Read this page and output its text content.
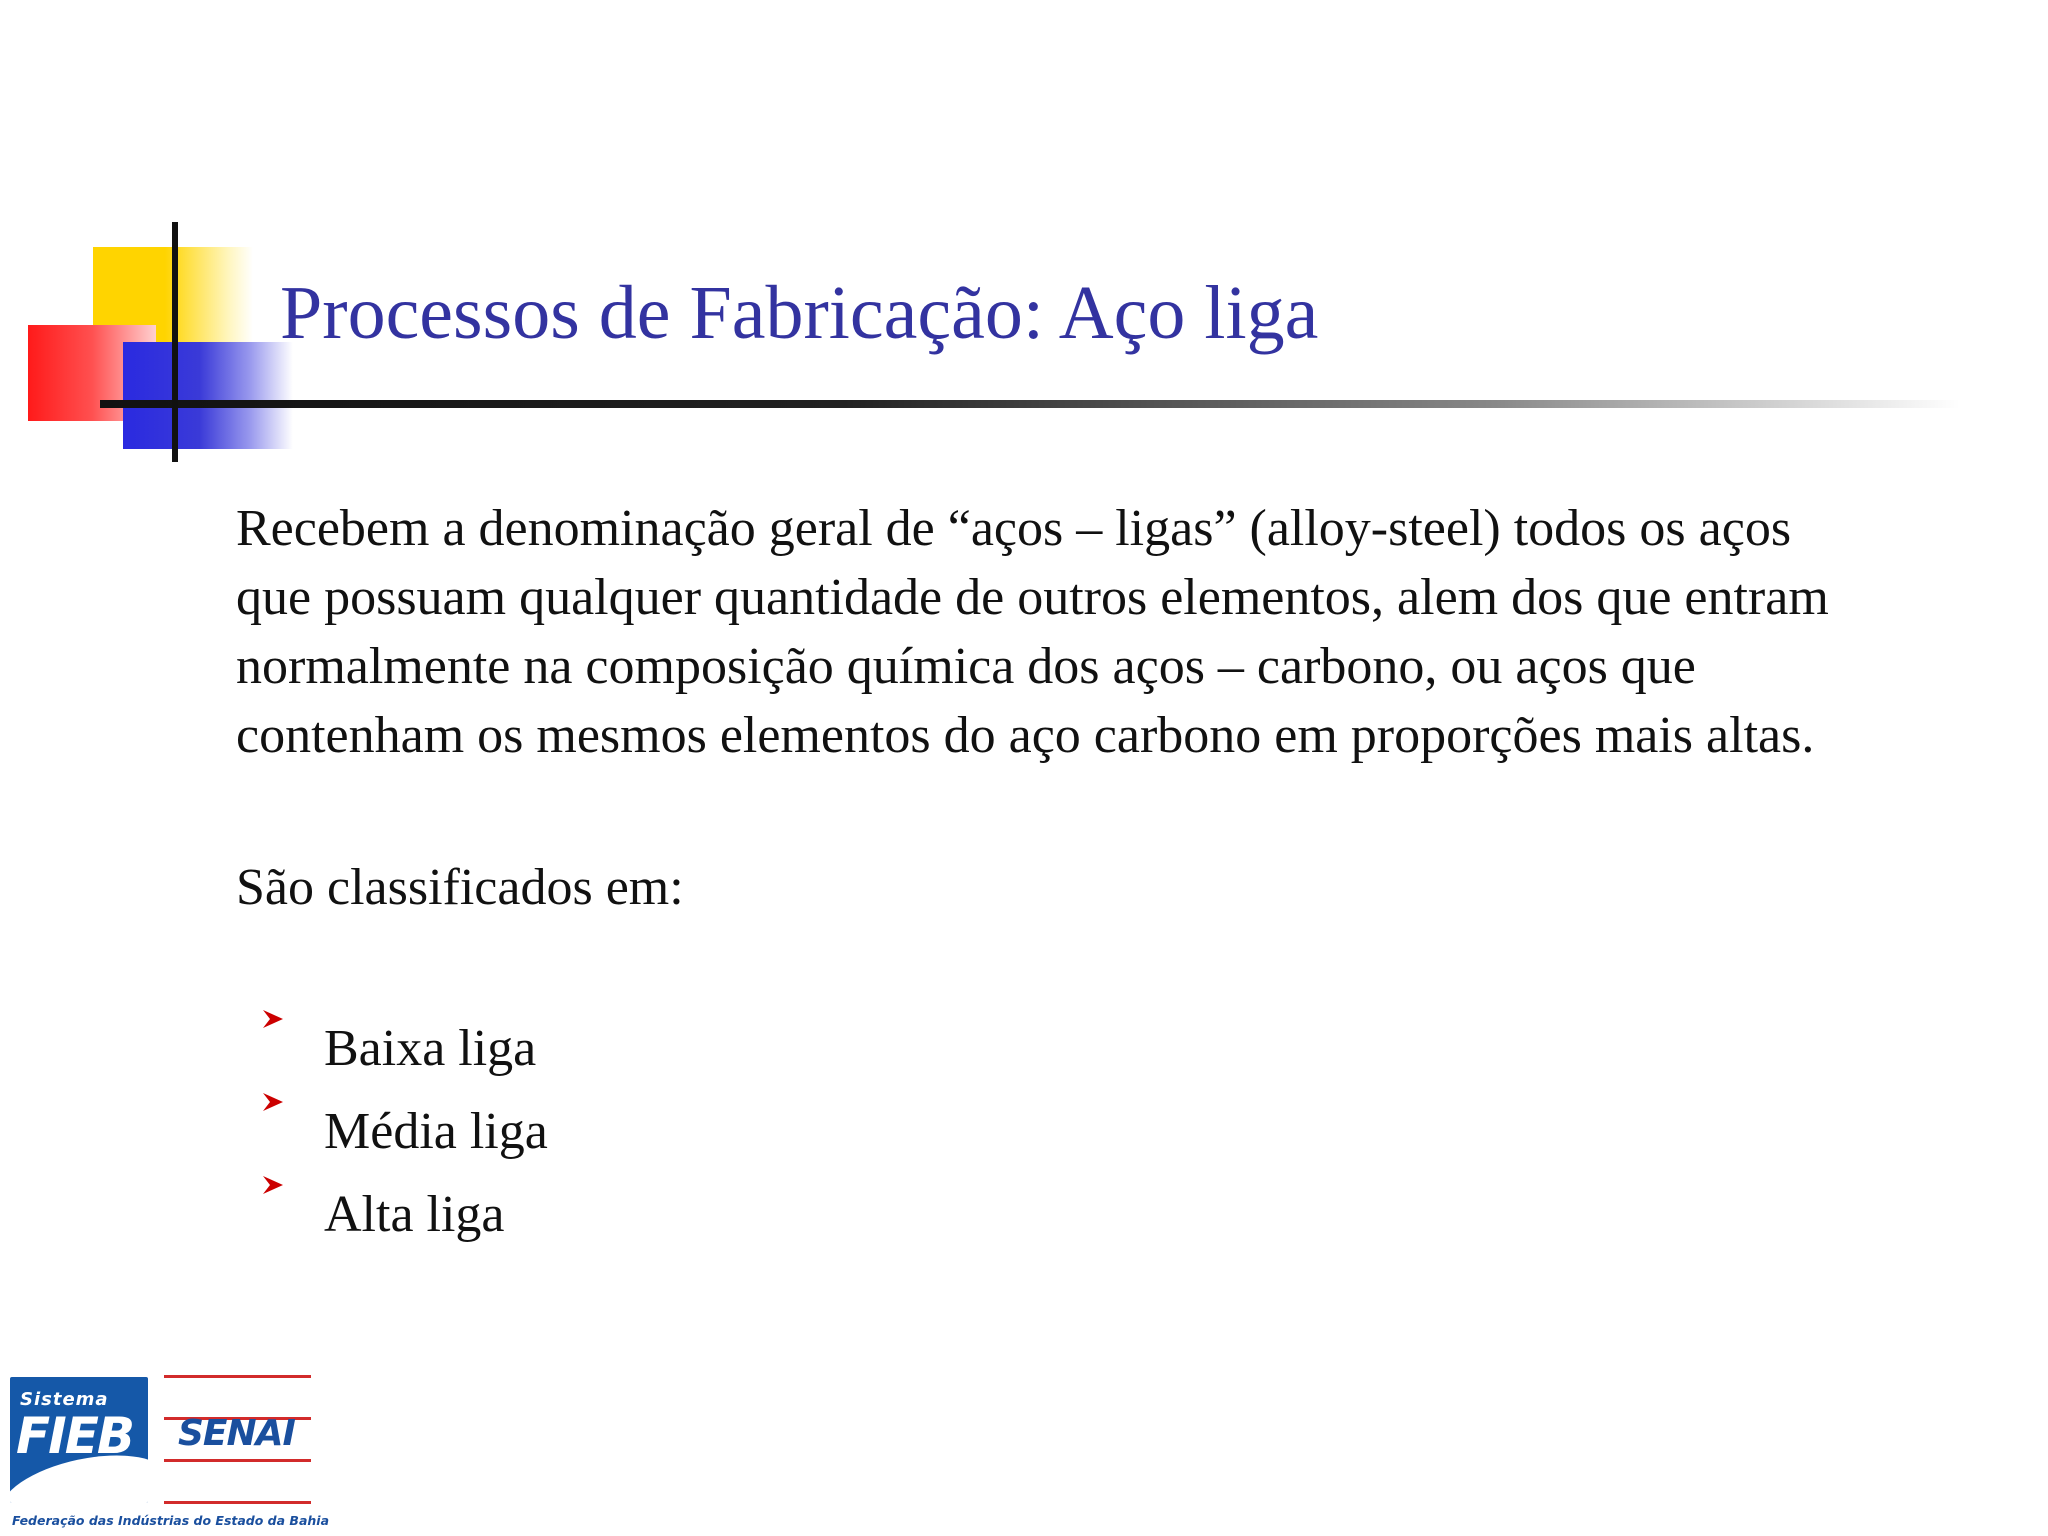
Processos de Fabricação: Aço liga

Recebem a denominação geral de “aços – ligas” (alloy-steel) todos os aços que possuam qualquer quantidade de outros elementos, alem dos que entram normalmente na composição química dos aços – carbono, ou aços que contenham os mesmos elementos do aço carbono em proporções mais altas.

São classificados em:

Baixa liga
Média liga
Alta liga
Sistema
FIEB SENAI
Federação das Indústrias do Estado da Bahia
